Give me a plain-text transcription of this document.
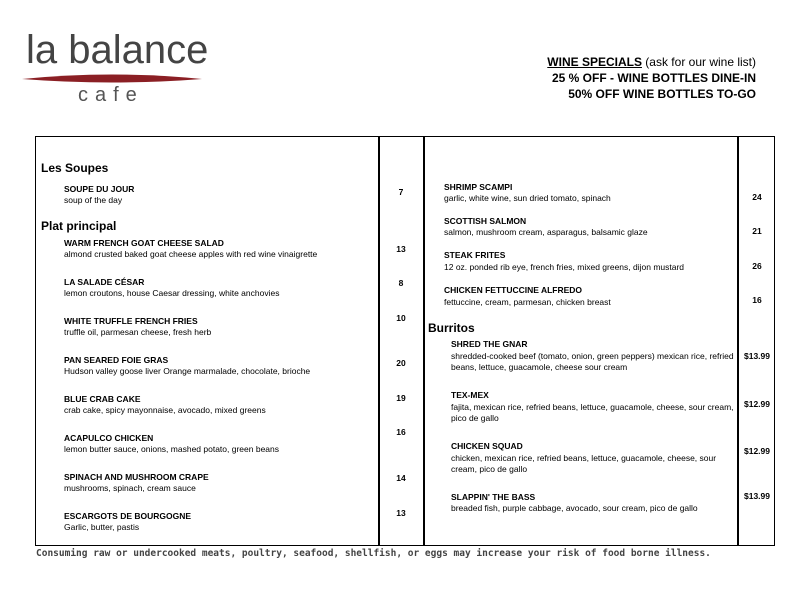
la balance
cafe
WINE SPECIALS (ask for our wine list)
25 % OFF - WINE BOTTLES DINE-IN
50% OFF WINE BOTTLES TO-GO
Les Soupes
SOUPE DU JOUR
soup of the day
7
Plat principal
WARM FRENCH GOAT CHEESE SALAD
almond crusted baked goat cheese apples with red wine vinaigrette	13
LA SALADE CÉSAR
lemon croutons, house Caesar dressing, white anchovies
8
WHITE TRUFFLE FRENCH FRIES
truffle oil, parmesan cheese, fresh herb
10
PAN SEARED FOIE GRAS
Hudson valley goose liver Orange marmalade, chocolate, brioche
20
BLUE CRAB CAKE
crab cake, spicy mayonnaise, avocado, mixed greens
19
ACAPULCO CHICKEN
lemon butter sauce, onions, mashed potato, green beans
16
SPINACH AND MUSHROOM CRAPE
mushrooms, spinach, cream sauce
14
ESCARGOTS DE BOURGOGNE
Garlic, butter, pastis
13
SHRIMP SCAMPI
garlic, white wine, sun dried tomato, spinach	24
SCOTTISH SALMON
salmon, mushroom cream, asparagus, balsamic glaze	21
STEAK FRITES
12 oz. ponded rib eye, french fries, mixed greens, dijon mustard	26
CHICKEN FETTUCCINE ALFREDO
fettuccine, cream, parmesan, chicken breast	16
Burritos
SHRED THE GNAR
shredded-cooked beef (tomato, onion, green peppers) mexican rice, refried beans, lettuce, guacamole, cheese sour cream
$13.99
TEX-MEX
fajita, mexican rice, refried beans, lettuce, guacamole, cheese, sour cream, pico de gallo
$12.99
CHICKEN SQUAD
chicken, mexican rice, refried beans, lettuce, guacamole, cheese, sour cream, pico de gallo
$12.99
SLAPPIN' THE BASS
breaded fish, purple cabbage, avocado, sour cream, pico de gallo
$13.99
Consuming raw or undercooked meats, poultry, seafood, shellfish, or eggs may increase your risk of food borne illness.
